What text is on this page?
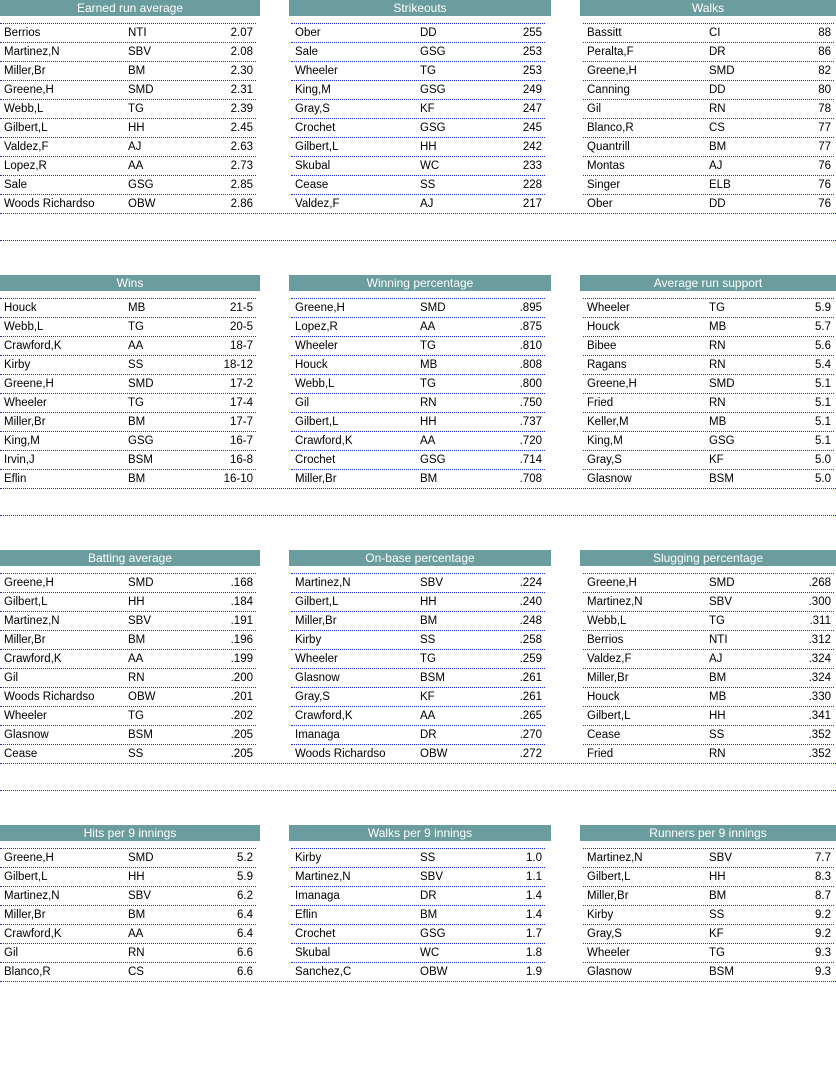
Earned run average
Berrios	NTI	2.07
Martinez,N	SBV	2.08
Miller,Br	BM	2.30
Greene,H	SMD	2.31
Webb,L	TG	2.39
Gilbert,L	HH	2.45
Valdez,F	AJ	2.63
Lopez,R	AA	2.73
Sale	GSG	2.85
Woods Richardso	OBW	2.86
Strikeouts
Ober	DD	255
Sale	GSG	253
Wheeler	TG	253
King,M	GSG	249
Gray,S	KF	247
Crochet	GSG	245
Gilbert,L	HH	242
Skubal	WC	233
Cease	SS	228
Valdez,F	AJ	217
Walks
Bassitt	CI	88
Peralta,F	DR	86
Greene,H	SMD	82
Canning	DD	80
Gil	RN	78
Blanco,R	CS	77
Quantrill	BM	77
Montas	AJ	76
Singer	ELB	76
Ober	DD	76
Wins
Houck	MB	21-5
Webb,L	TG	20-5
Crawford,K	AA	18-7
Kirby	SS	18-12
Greene,H	SMD	17-2
Wheeler	TG	17-4
Miller,Br	BM	17-7
King,M	GSG	16-7
Irvin,J	BSM	16-8
Eflin	BM	16-10
Winning percentage
Greene,H	SMD	.895
Lopez,R	AA	.875
Wheeler	TG	.810
Houck	MB	.808
Webb,L	TG	.800
Gil	RN	.750
Gilbert,L	HH	.737
Crawford,K	AA	.720
Crochet	GSG	.714
Miller,Br	BM	.708
Average run support
Wheeler	TG	5.9
Houck	MB	5.7
Bibee	RN	5.6
Ragans	RN	5.4
Greene,H	SMD	5.1
Fried	RN	5.1
Keller,M	MB	5.1
King,M	GSG	5.1
Gray,S	KF	5.0
Glasnow	BSM	5.0
Batting average
Greene,H	SMD	.168
Gilbert,L	HH	.184
Martinez,N	SBV	.191
Miller,Br	BM	.196
Crawford,K	AA	.199
Gil	RN	.200
Woods Richardso	OBW	.201
Wheeler	TG	.202
Glasnow	BSM	.205
Cease	SS	.205
On-base percentage
Martinez,N	SBV	.224
Gilbert,L	HH	.240
Miller,Br	BM	.248
Kirby	SS	.258
Wheeler	TG	.259
Glasnow	BSM	.261
Gray,S	KF	.261
Crawford,K	AA	.265
Imanaga	DR	.270
Woods Richardso	OBW	.272
Slugging percentage
Greene,H	SMD	.268
Martinez,N	SBV	.300
Webb,L	TG	.311
Berrios	NTI	.312
Valdez,F	AJ	.324
Miller,Br	BM	.324
Houck	MB	.330
Gilbert,L	HH	.341
Cease	SS	.352
Fried	RN	.352
Hits per 9 innings
Greene,H	SMD	5.2
Gilbert,L	HH	5.9
Martinez,N	SBV	6.2
Miller,Br	BM	6.4
Crawford,K	AA	6.4
Gil	RN	6.6
Blanco,R	CS	6.6
Walks per 9 innings
Kirby	SS	1.0
Martinez,N	SBV	1.1
Imanaga	DR	1.4
Eflin	BM	1.4
Crochet	GSG	1.7
Skubal	WC	1.8
Sanchez,C	OBW	1.9
Runners per 9 innings
Martinez,N	SBV	7.7
Gilbert,L	HH	8.3
Miller,Br	BM	8.7
Kirby	SS	9.2
Gray,S	KF	9.2
Wheeler	TG	9.3
Glasnow	BSM	9.3
